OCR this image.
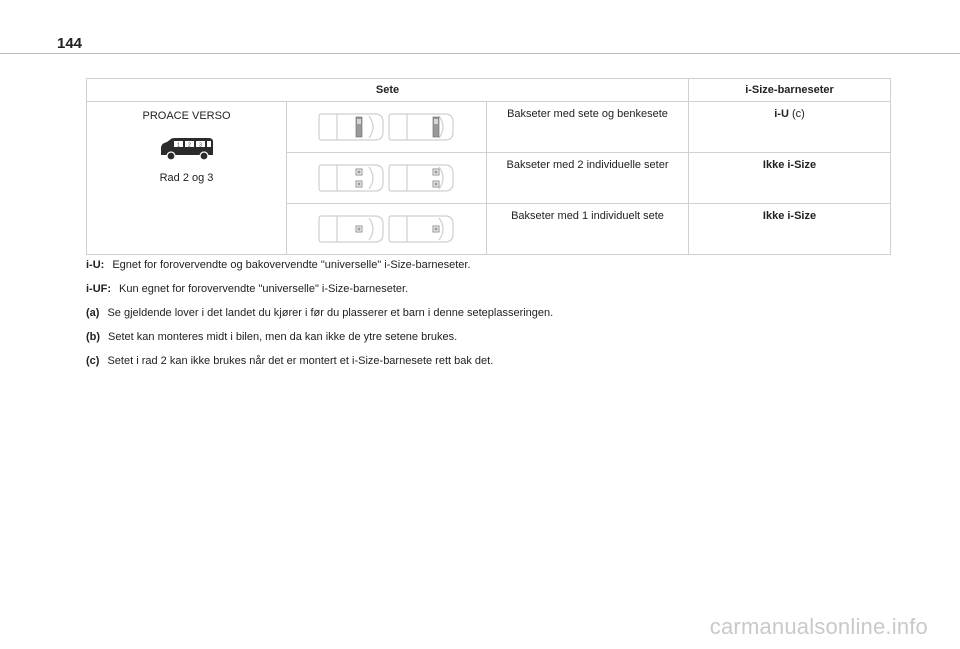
144
Sete			i-Size-barneseter

PROACE VERSO
1 2 3
Rad 2 og 3		Bakseter med sete og benkesete	i-U (c)

Bakseter med 2 individuelle seter	Ikke i-Size

Bakseter med 1 individuelt sete	Ikke i-Size
i-U: Egnet for forovervendte og bakovervendte "universelle" i-Size-barneseter.
i-UF: Kun egnet for forovervendte "universelle" i-Size-barneseter.
(a) Se gjeldende lover i det landet du kjører i før du plasserer et barn i denne seteplasseringen.
(b) Setet kan monteres midt i bilen, men da kan ikke de ytre setene brukes.
(c) Setet i rad 2 kan ikke brukes når det er montert et i-Size-barnesete rett bak det.
carmanualsonline.info
